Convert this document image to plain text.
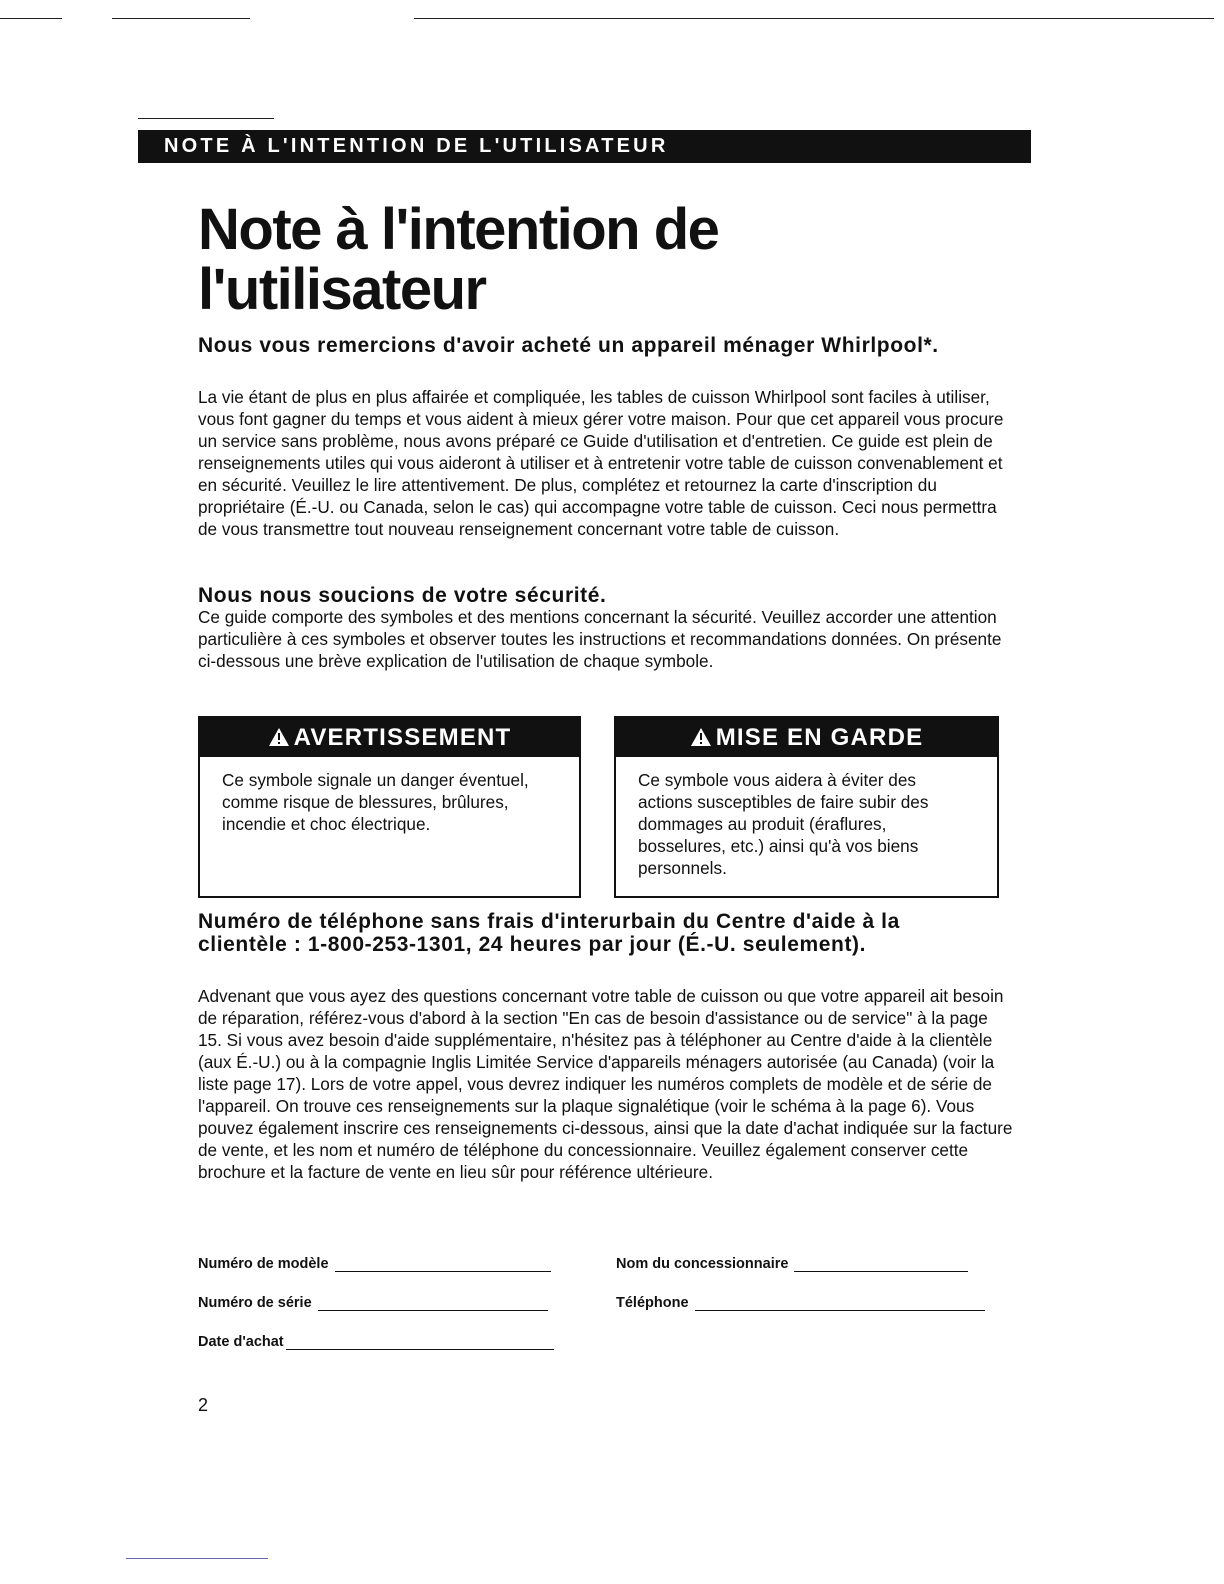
NOTE À L'INTENTION DE L'UTILISATEUR
Note à l'intention de
l'utilisateur
Nous vous remercions d'avoir acheté un appareil ménager Whirlpool*.

La vie étant de plus en plus affairée et compliquée, les tables de cuisson Whirlpool sont faciles à utiliser, vous font gagner du temps et vous aident à mieux gérer votre maison. Pour que cet appareil vous procure un service sans problème, nous avons préparé ce Guide d'utilisation et d'entretien. Ce guide est plein de renseignements utiles qui vous aideront à utiliser et à entretenir votre table de cuisson convenablement et en sécurité. Veuillez le lire attentivement. De plus, complétez et retournez la carte d'inscription du propriétaire (É.-U. ou Canada, selon le cas) qui accompagne votre table de cuisson. Ceci nous permettra de vous transmettre tout nouveau renseignement concernant votre table de cuisson.

Nous nous soucions de votre sécurité.

Ce guide comporte des symboles et des mentions concernant la sécurité. Veuillez accorder une attention particulière à ces symboles et observer toutes les instructions et recommandations données. On présente ci-dessous une brève explication de l'utilisation de chaque symbole.

AVERTISSEMENT
Ce symbole signale un danger éventuel, comme risque de blessures, brûlures, incendie et choc électrique.
MISE EN GARDE
Ce symbole vous aidera à éviter des actions susceptibles de faire subir des dommages au produit (éraflures, bosselures, etc.) ainsi qu'à vos biens personnels.
Numéro de téléphone sans frais d'interurbain du Centre d'aide à la clientèle : 1-800-253-1301, 24 heures par jour (É.-U. seulement).

Advenant que vous ayez des questions concernant votre table de cuisson ou que votre appareil ait besoin de réparation, référez-vous d'abord à la section "En cas de besoin d'assistance ou de service" à la page 15. Si vous avez besoin d'aide supplémentaire, n'hésitez pas à téléphoner au Centre d'aide à la clientèle (aux É.-U.) ou à la compagnie Inglis Limitée Service d'appareils ménagers autorisée (au Canada) (voir la liste page 17). Lors de votre appel, vous devrez indiquer les numéros complets de modèle et de série de l'appareil. On trouve ces renseignements sur la plaque signalétique (voir le schéma à la page 6). Vous pouvez également inscrire ces renseignements ci-dessous, ainsi que la date d'achat indiquée sur la facture de vente, et les nom et numéro de téléphone du concessionnaire. Veuillez également conserver cette brochure et la facture de vente en lieu sûr pour référence ultérieure.

Numéro de modèle
Numéro de série
Date d'achat
Nom du concessionnaire
Téléphone
2
